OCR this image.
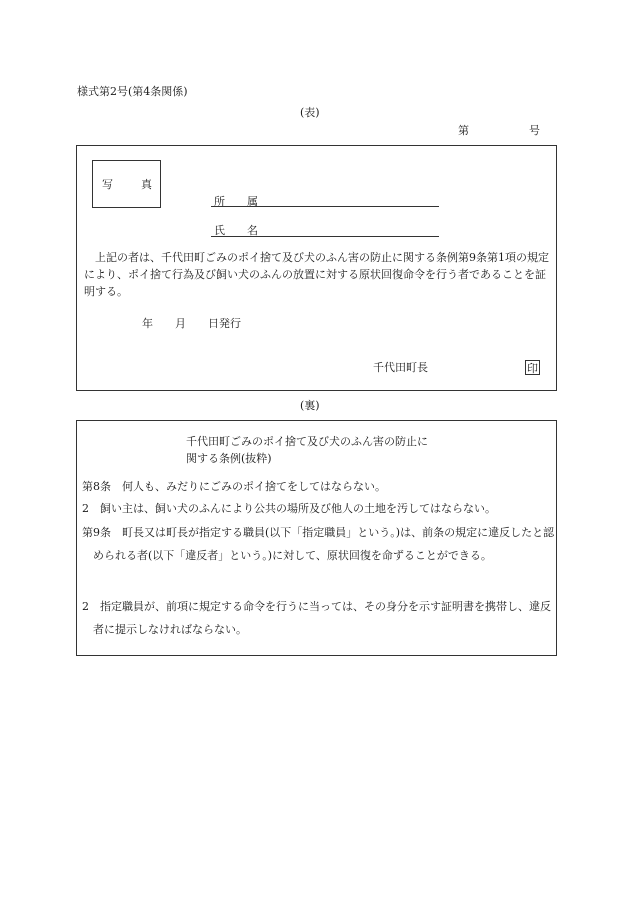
様式第2号(第4条関係)
(表)
第	号
写　　真
所　　属
氏　　名
上記の者は、千代田町ごみのポイ捨て及び犬のふん害の防止に関する条例第9条第1項の規定により、ポイ捨て行為及び飼い犬のふんの放置に対する原状回復命令を行う者であることを証明する。
年　　月　　日発行
千代田町長	印
(裏)
千代田町ごみのポイ捨て及び犬のふん害の防止に
関する条例(抜粋)
第8条　何人も、みだりにごみのポイ捨てをしてはならない。
2　飼い主は、飼い犬のふんにより公共の場所及び他人の土地を汚してはならない。
第9条　町長又は町長が指定する職員(以下「指定職員」という。)は、前条の規定に違反したと認められる者(以下「違反者」という。)に対して、原状回復を命ずることができる。
2　指定職員が、前項に規定する命令を行うに当っては、その身分を示す証明書を携帯し、違反者に提示しなければならない。
